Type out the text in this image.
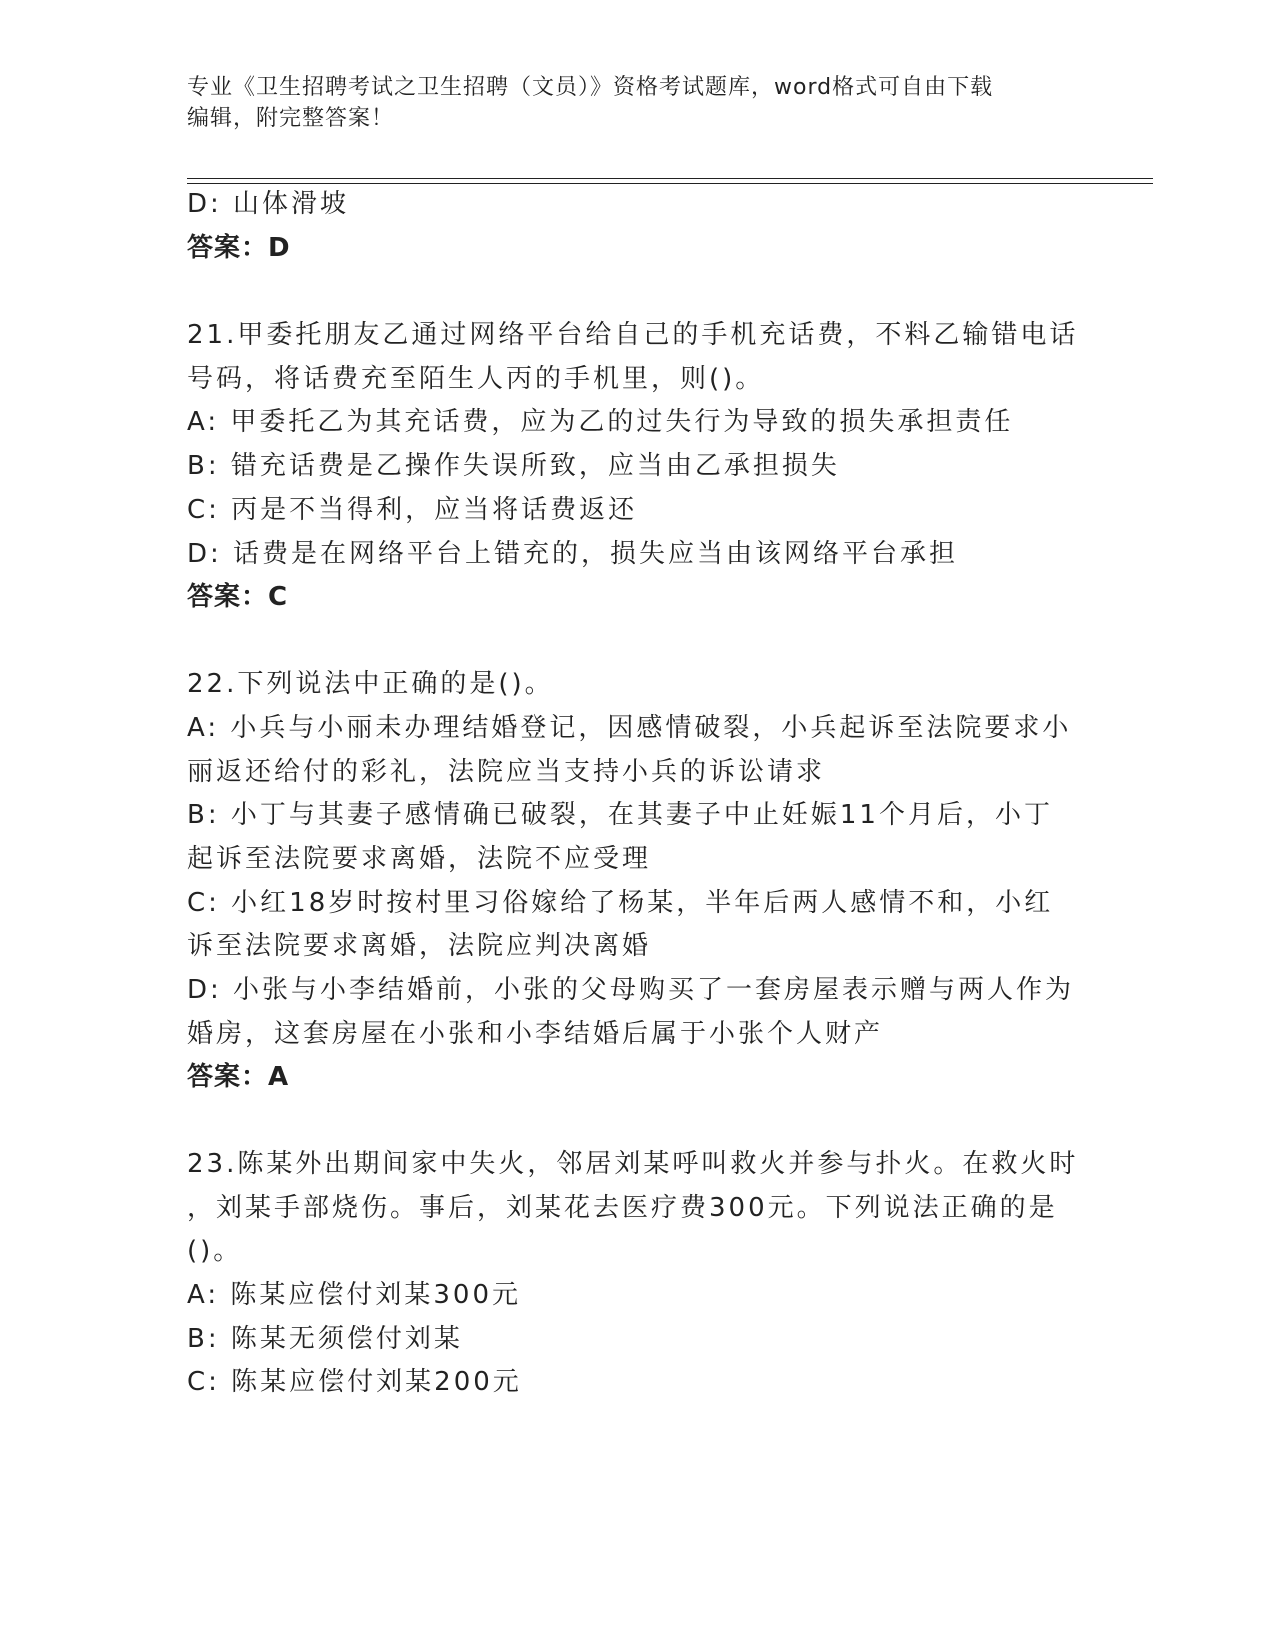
专业《卫生招聘考试之卫生招聘（文员）》资格考试题库，word格式可自由下载
编辑，附完整答案！
D: 山体滑坡
答案：D
21.甲委托朋友乙通过网络平台给自己的手机充话费，不料乙输错电话
号码，将话费充至陌生人丙的手机里，则()。
A: 甲委托乙为其充话费，应为乙的过失行为导致的损失承担责任
B: 错充话费是乙操作失误所致，应当由乙承担损失
C: 丙是不当得利，应当将话费返还
D: 话费是在网络平台上错充的，损失应当由该网络平台承担
答案：C
22.下列说法中正确的是()。
A: 小兵与小丽未办理结婚登记，因感情破裂，小兵起诉至法院要求小
丽返还给付的彩礼，法院应当支持小兵的诉讼请求
B: 小丁与其妻子感情确已破裂，在其妻子中止妊娠11个月后，小丁
起诉至法院要求离婚，法院不应受理
C: 小红18岁时按村里习俗嫁给了杨某，半年后两人感情不和，小红
诉至法院要求离婚，法院应判决离婚
D: 小张与小李结婚前，小张的父母购买了一套房屋表示赠与两人作为
婚房，这套房屋在小张和小李结婚后属于小张个人财产
答案：A
23.陈某外出期间家中失火，邻居刘某呼叫救火并参与扑火。在救火时
，刘某手部烧伤。事后，刘某花去医疗费300元。下列说法正确的是
()。
A: 陈某应偿付刘某300元
B: 陈某无须偿付刘某
C: 陈某应偿付刘某200元
